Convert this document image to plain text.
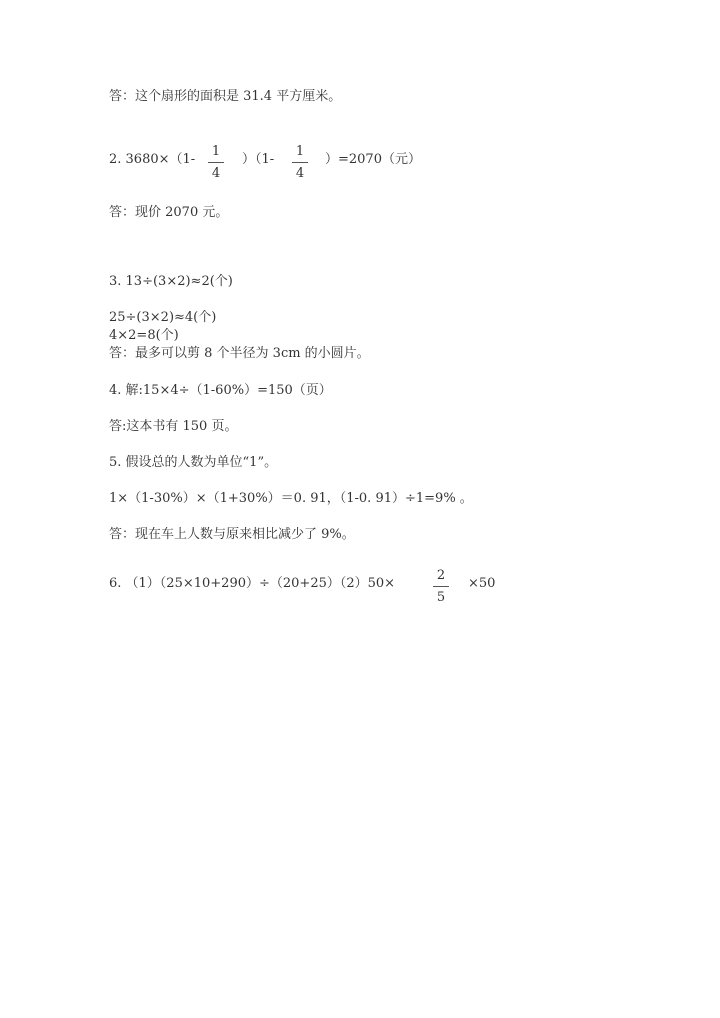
答：这个扇形的面积是 31.4 平方厘米。
2. 3680×（1-
1
4
）（1-
1
4
）=2070（元）
答：现价 2070 元。
3. 13÷(3×2)≈2(个)
25÷(3×2)≈4(个)
4×2=8(个)
答：最多可以剪 8 个半径为 3cm 的小圆片。
4. 解:15×4÷（1-60%）=150（页）
答:这本书有 150 页。
5. 假设总的人数为单位“1”。
1×（1-30%）×（1+30%）＝0. 91，（1-0. 91）÷1=9% 。
答：现在车上人数与原来相比减少了 9%。
6. （1）（25×10+290）÷（20+25）（2）50×
2
5
×50
